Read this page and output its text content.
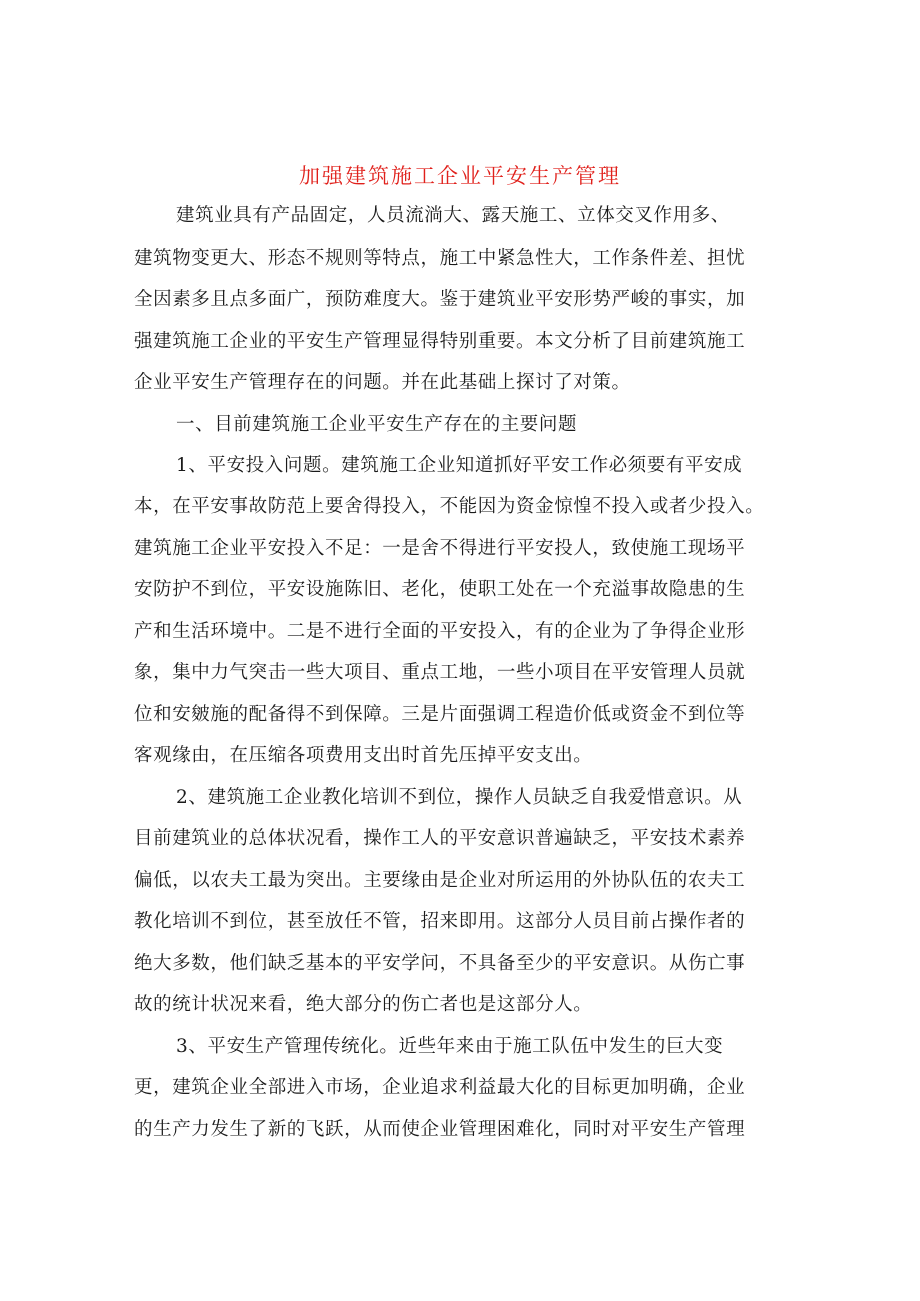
加强建筑施工企业平安生产管理
建筑业具有产品固定，人员流淌大、露天施工、立体交叉作用多、
建筑物变更大、形态不规则等特点，施工中紧急性大，工作条件差、担忧
全因素多且点多面广，预防难度大。鉴于建筑业平安形势严峻的事实，加
强建筑施工企业的平安生产管理显得特别重要。本文分析了目前建筑施工
企业平安生产管理存在的问题。并在此基础上探讨了对策。
一、目前建筑施工企业平安生产存在的主要问题
1、平安投入问题。建筑施工企业知道抓好平安工作必须要有平安成
本，在平安事故防范上要舍得投入，不能因为资金惊惶不投入或者少投入。
建筑施工企业平安投入不足：一是舍不得进行平安投人，致使施工现场平
安防护不到位，平安设施陈旧、老化，使职工处在一个充溢事故隐患的生
产和生活环境中。二是不进行全面的平安投入，有的企业为了争得企业形
象，集中力气突击一些大项目、重点工地，一些小项目在平安管理人员就
位和安皴施的配备得不到保障。三是片面强调工程造价低或资金不到位等
客观缘由，在压缩各项费用支出时首先压掉平安支出。
2、建筑施工企业教化培训不到位，操作人员缺乏自我爱惜意识。从
目前建筑业的总体状况看，操作工人的平安意识普遍缺乏，平安技术素养
偏低，以农夫工最为突出。主要缘由是企业对所运用的外协队伍的农夫工
教化培训不到位，甚至放任不管，招来即用。这部分人员目前占操作者的
绝大多数，他们缺乏基本的平安学问，不具备至少的平安意识。从伤亡事
故的统计状况来看，绝大部分的伤亡者也是这部分人。
3、平安生产管理传统化。近些年来由于施工队伍中发生的巨大变
更，建筑企业全部进入市场，企业追求利益最大化的目标更加明确，企业
的生产力发生了新的飞跃，从而使企业管理困难化，同时对平安生产管理
